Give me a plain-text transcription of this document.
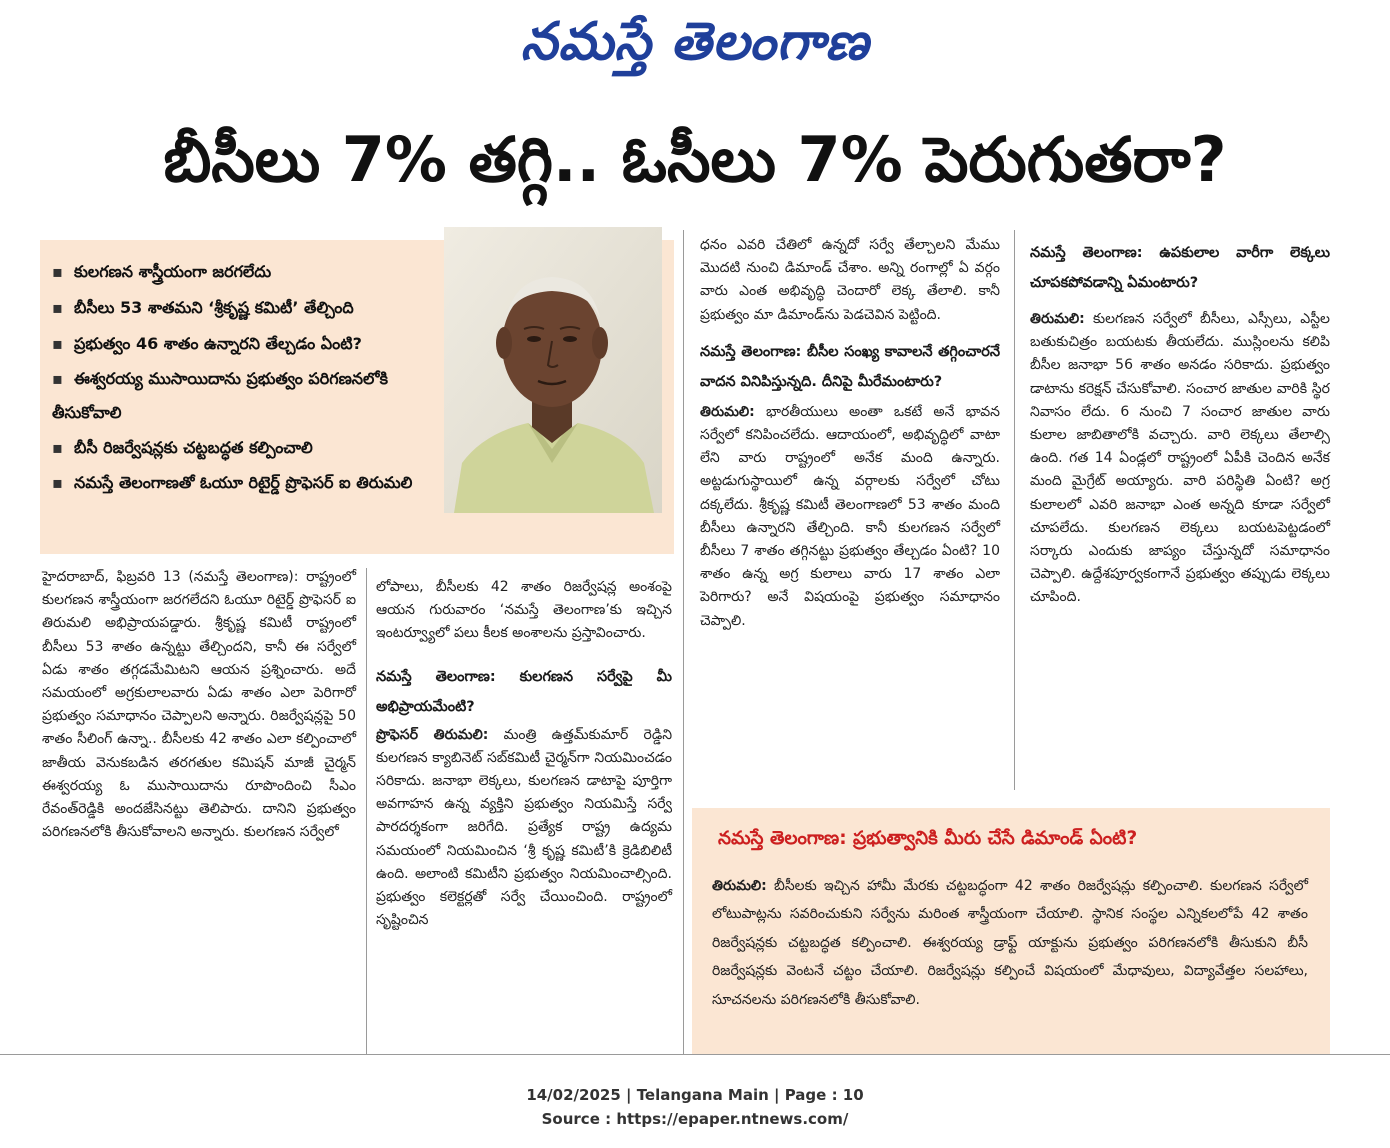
నమస్తే తెలంగాణ
బీసీలు 7% తగ్గి.. ఓసీలు 7% పెరుగుతరా?
▪ కులగణన శాస్త్రీయంగా జరగలేదు
▪ బీసీలు 53 శాతమని ‘శ్రీకృష్ణ కమిటీ’ తేల్చింది
▪ ప్రభుత్వం 46 శాతం ఉన్నారని తేల్చడం ఏంటి?
▪ ఈశ్వరయ్య ముసాయిదాను ప్రభుత్వం పరిగణనలోకి తీసుకోవాలి
▪ బీసీ రిజర్వేషన్లకు చట్టబద్ధత కల్పించాలి
▪ నమస్తే తెలంగాణతో ఓయూ రిటైర్డ్ ప్రొఫెసర్ ఐ తిరుమలి

హైదరాబాద్, ఫిబ్రవరి 13 (నమస్తే తెలంగాణ): రాష్ట్రంలో కులగణన శాస్త్రీయంగా జరగలేదని ఓయూ రిటైర్డ్ ప్రొఫెసర్ ఐ తిరుమలి అభిప్రాయపడ్డారు. శ్రీకృష్ణ కమిటీ రాష్ట్రంలో బీసీలు 53 శాతం ఉన్నట్టు తేల్చిందని, కానీ ఈ సర్వేలో ఏడు శాతం తగ్గడమేమిటని ఆయన ప్రశ్నించారు. అదే సమయంలో అగ్రకులాలవారు ఏడు శాతం ఎలా పెరిగారో ప్రభుత్వం సమాధానం చెప్పాలని అన్నారు. రిజర్వేషన్లపై 50 శాతం సీలింగ్ ఉన్నా.. బీసీలకు 42 శాతం ఎలా కల్పించాలో జాతీయ వెనుకబడిన తరగతుల కమిషన్ మాజీ చైర్మన్ ఈశ్వరయ్య ఓ ముసాయిదాను రూపొందించి సీఎం రేవంత్‌రెడ్డికి అందజేసినట్టు తెలిపారు. దానిని ప్రభుత్వం పరిగణనలోకి తీసుకోవాలని అన్నారు. కులగణన సర్వేలో

లోపాలు, బీసీలకు 42 శాతం రిజర్వేషన్ల అంశంపై ఆయన గురువారం ‘నమస్తే తెలంగాణ’కు ఇచ్చిన ఇంటర్వ్యూలో పలు కీలక అంశాలను ప్రస్తావించారు.

నమస్తే తెలంగాణ: కులగణన సర్వేపై మీ అభిప్రాయమేంటి?

ప్రొఫెసర్ తిరుమలి: మంత్రి ఉత్తమ్‌కుమార్ రెడ్డిని కులగణన క్యాబినెట్ సబ్‌కమిటీ చైర్మన్‌గా నియమించడం సరికాదు. జనాభా లెక్కలు, కులగణన డాటాపై పూర్తిగా అవగాహన ఉన్న వ్యక్తిని ప్రభుత్వం నియమిస్తే సర్వే పారదర్శకంగా జరిగేది. ప్రత్యేక రాష్ట్ర ఉద్యమ సమయంలో నియమించిన ‘శ్రీ కృష్ణ కమిటీ’కి క్రెడిబిలిటీ ఉంది. అలాంటి కమిటీని ప్రభుత్వం నియమించాల్సింది. ప్రభుత్వం కలెక్టర్లతో సర్వే చేయించింది. రాష్ట్రంలో సృష్టించిన

ధనం ఎవరి చేతిలో ఉన్నదో సర్వే తేల్చాలని మేము మొదటి నుంచి డిమాండ్ చేశాం. అన్ని రంగాల్లో ఏ వర్గం వారు ఎంత అభివృద్ధి చెందారో లెక్క తేలాలి. కానీ ప్రభుత్వం మా డిమాండ్‌ను పెడచెవిన పెట్టింది.

నమస్తే తెలంగాణ: బీసీల సంఖ్య కావాలనే తగ్గించారనే వాదన వినిపిస్తున్నది. దీనిపై మీరేమంటారు?

తిరుమలి: భారతీయులు అంతా ఒకటే అనే భావన సర్వేలో కనిపించలేదు. ఆదాయంలో, అభివృద్ధిలో వాటా లేని వారు రాష్ట్రంలో అనేక మంది ఉన్నారు. అట్టడుగుస్థాయిలో ఉన్న వర్గాలకు సర్వేలో చోటు దక్కలేదు. శ్రీకృష్ణ కమిటీ తెలంగాణలో 53 శాతం మంది బీసీలు ఉన్నారని తేల్చింది. కానీ కులగణన సర్వేలో బీసీలు 7 శాతం తగ్గినట్టు ప్రభుత్వం తేల్చడం ఏంటి? 10 శాతం ఉన్న అగ్ర కులాలు వారు 17 శాతం ఎలా పెరిగారు? అనే విషయంపై ప్రభుత్వం సమాధానం చెప్పాలి.

నమస్తే తెలంగాణ: ఉపకులాల వారీగా లెక్కలు చూపకపోవడాన్ని ఏమంటారు?

తిరుమలి: కులగణన సర్వేలో బీసీలు, ఎస్సీలు, ఎస్టీల బతుకుచిత్రం బయటకు తీయలేదు. ముస్లింలను కలిపి బీసీల జనాభా 56 శాతం అనడం సరికాదు. ప్రభుత్వం డాటాను కరెక్షన్ చేసుకోవాలి. సంచార జాతుల వారికి స్థిర నివాసం లేదు. 6 నుంచి 7 సంచార జాతుల వారు కులాల జాబితాలోకి వచ్చారు. వారి లెక్కలు తేలాల్సి ఉంది. గత 14 ఏండ్లలో రాష్ట్రంలో ఏపీకి చెందిన అనేక మంది మైగ్రేట్ అయ్యారు. వారి పరిస్థితి ఏంటి? అగ్ర కులాలలో ఎవరి జనాభా ఎంత అన్నది కూడా సర్వేలో చూపలేదు. కులగణన లెక్కలు బయటపెట్టడంలో సర్కారు ఎందుకు జాప్యం చేస్తున్నదో సమాధానం చెప్పాలి. ఉద్దేశపూర్వకంగానే ప్రభుత్వం తప్పుడు లెక్కలు చూపింది.

నమస్తే తెలంగాణ: ప్రభుత్వానికి మీరు చేసే డిమాండ్ ఏంటి?
తిరుమలి: బీసీలకు ఇచ్చిన హామీ మేరకు చట్టబద్ధంగా 42 శాతం రిజర్వేషన్లు కల్పించాలి. కులగణన సర్వేలో లోటుపాట్లను సవరించుకుని సర్వేను మరింత శాస్త్రీయంగా చేయాలి. స్థానిక సంస్థల ఎన్నికలలోపే 42 శాతం రిజర్వేషన్లకు చట్టబద్ధత కల్పించాలి. ఈశ్వరయ్య డ్రాఫ్ట్ యాక్టును ప్రభుత్వం పరిగణనలోకి తీసుకుని బీసీ రిజర్వేషన్లకు వెంటనే చట్టం చేయాలి. రిజర్వేషన్లు కల్పించే విషయంలో మేధావులు, విద్యావేత్తల సలహాలు, సూచనలను పరిగణనలోకి తీసుకోవాలి.
14/02/2025 | Telangana Main | Page : 10
Source : https://epaper.ntnews.com/
